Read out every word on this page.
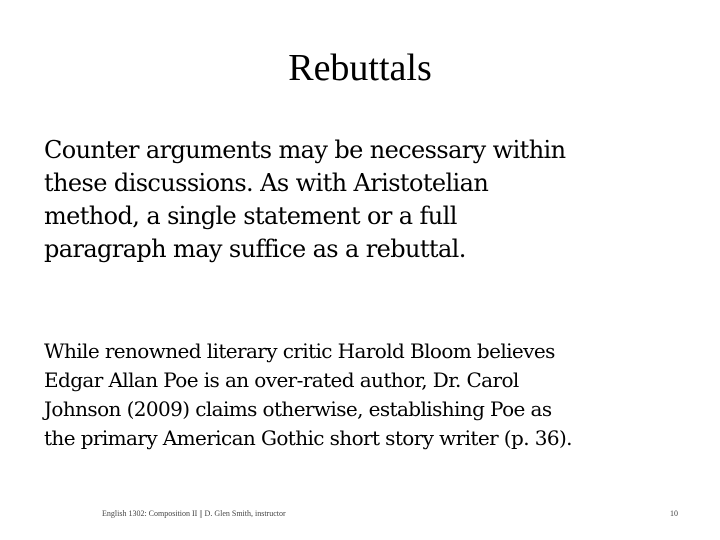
Rebuttals

Counter arguments may be necessary within
these discussions. As with Aristotelian
method, a single statement or a full
paragraph may suffice as a rebuttal.

While renowned literary critic Harold Bloom believes
Edgar Allan Poe is an over-rated author, Dr. Carol
Johnson (2009) claims otherwise, establishing Poe as
the primary American Gothic short story writer (p. 36).

English 1302: Composition II || D. Glen Smith, instructor	10
